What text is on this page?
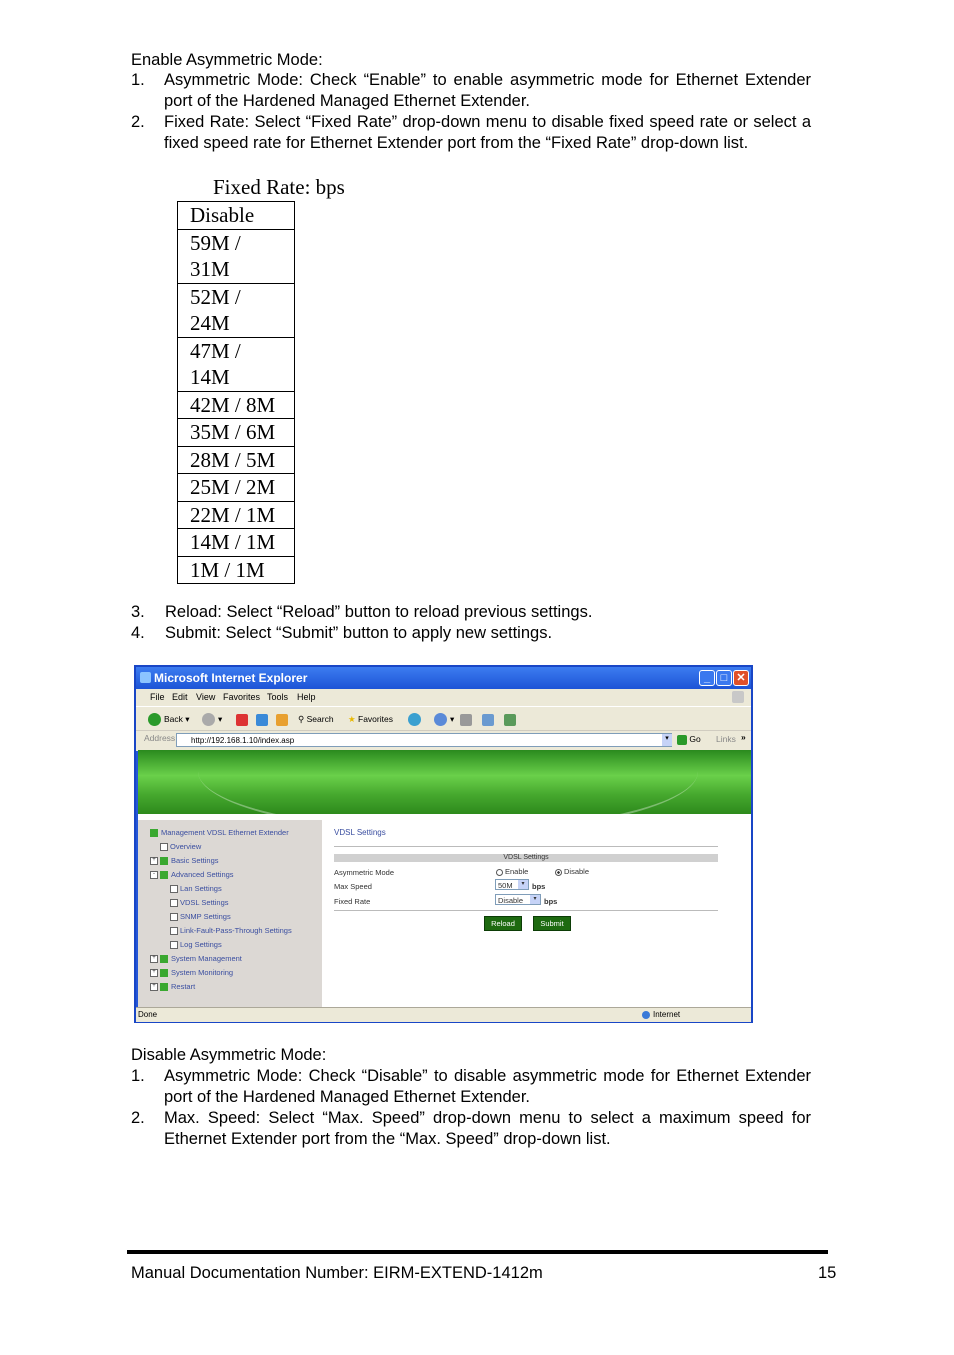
Enable Asymmetric Mode:
1. Asymmetric Mode: Check “Enable” to enable asymmetric mode for Ethernet Extender port of the Hardened Managed Ethernet Extender.
2. Fixed Rate: Select “Fixed Rate” drop-down menu to disable fixed speed rate or select a fixed speed rate for Ethernet Extender port from the “Fixed Rate” drop-down list.
Fixed Rate: bps
Disable
59M / 31M
52M / 24M
47M / 14M
42M / 8M
35M / 6M
28M / 5M
25M / 2M
22M / 1M
14M / 1M
1M / 1M
3. Reload: Select “Reload” button to reload previous settings.
4. Submit: Select “Submit” button to apply new settings.
Microsoft Internet Explorer	_ □ ✕
File Edit View Favorites Tools Help
Back ▾	▾	⚲ Search ★ Favorites	▾
Address	http://192.168.1.10/index.asp	▾	Go Links »
Management VDSL Ethernet Extender
Overview
+ Basic Settings
- Advanced Settings
Lan Settings
VDSL Settings
SNMP Settings
Link-Fault-Pass-Through Settings
Log Settings
+ System Management
+ System Monitoring
+ Restart
VDSL Settings
VDSL Settings
Asymmetric Mode	Enable	Disable
Max Speed	50M	▾	bps
Fixed Rate	Disable	▾	bps
Reload	Submit
Done	Internet
Disable Asymmetric Mode:
1. Asymmetric Mode: Check “Disable” to disable asymmetric mode for Ethernet Extender port of the Hardened Managed Ethernet Extender.
2. Max. Speed: Select “Max. Speed” drop-down menu to select a maximum speed for Ethernet Extender port from the “Max. Speed” drop-down list.
Manual Documentation Number: EIRM-EXTEND-1412m	15
